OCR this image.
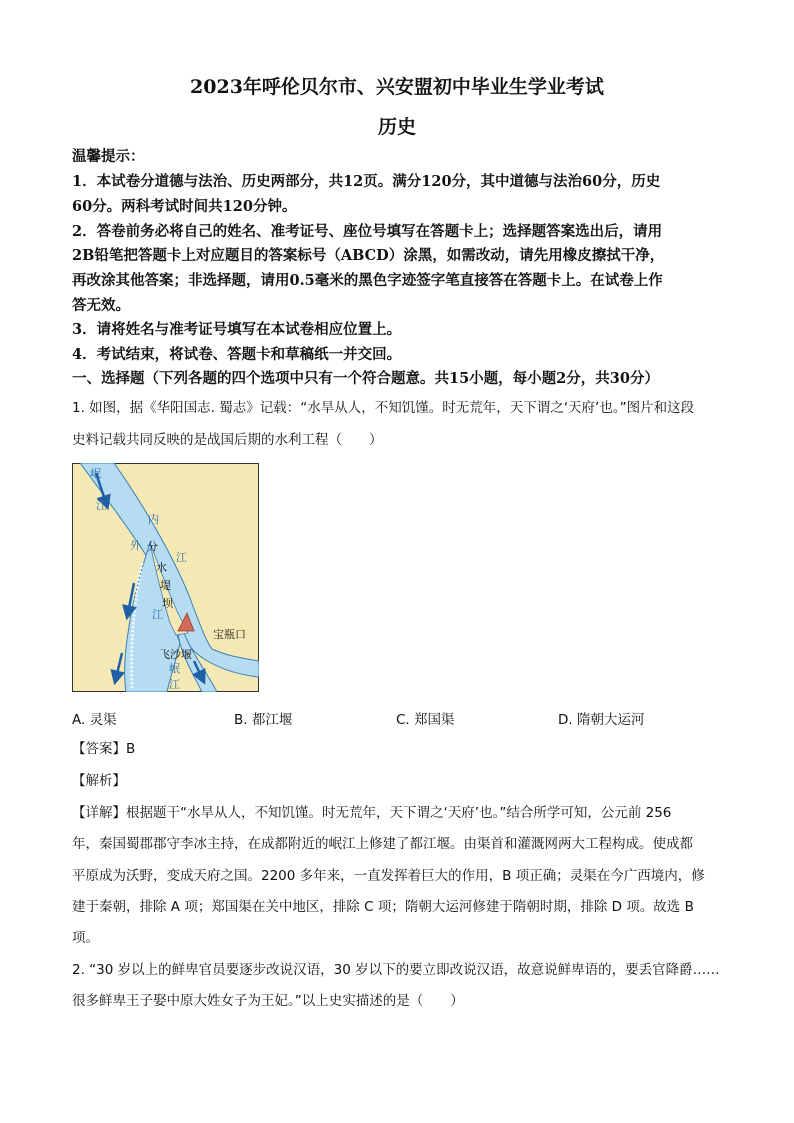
2023年呼伦贝尔市、兴安盟初中毕业生学业考试
历史
温馨提示：
1．本试卷分道德与法治、历史两部分，共12页。满分120分，其中道德与法治60分，历史
60分。两科考试时间共120分钟。
2．答卷前务必将自己的姓名、准考证号、座位号填写在答题卡上；选择题答案选出后，请用
2B铅笔把答题卡上对应题目的答案标号（ABCD）涂黑，如需改动，请先用橡皮擦拭干净，
再改涂其他答案；非选择题，请用0.5毫米的黑色字迹签字笔直接答在答题卡上。在试卷上作
答无效。
3．请将姓名与准考证号填写在本试卷相应位置上。
4．考试结束，将试卷、答题卡和草稿纸一并交回。
一、选择题（下列各题的四个选项中只有一个符合题意。共15小题，每小题2分，共30分）
1. 如图，据《华阳国志. 蜀志》记载：“水旱从人，不知饥馑。时无荒年，天下谓之‘天府’也。”图片和这段
史料记载共同反映的是战国后期的水利工程（　　）
岷
江
内
江
外
江
岷
江
分
水
堤
坝
宝瓶口
飞沙堰
A. 灵渠	B. 都江堰	C. 郑国渠	D. 隋朝大运河
【答案】B
【解析】
【详解】根据题干“水旱从人，不知饥馑。时无荒年，天下谓之‘天府’也。”结合所学可知，公元前 256
年，秦国蜀郡郡守李冰主持，在成都附近的岷江上修建了都江堰。由渠首和灌溉网两大工程构成。使成都
平原成为沃野，变成天府之国。2200 多年来，一直发挥着巨大的作用，B 项正确；灵渠在今广西境内，修
建于秦朝，排除 A 项；郑国渠在关中地区，排除 C 项；隋朝大运河修建于隋朝时期，排除 D 项。故选 B
项。
2. “30 岁以上的鲜卑官员要逐步改说汉语，30 岁以下的要立即改说汉语，故意说鲜卑语的，要丢官降爵……
很多鲜卑王子娶中原大姓女子为王妃。”以上史实描述的是（　　）
